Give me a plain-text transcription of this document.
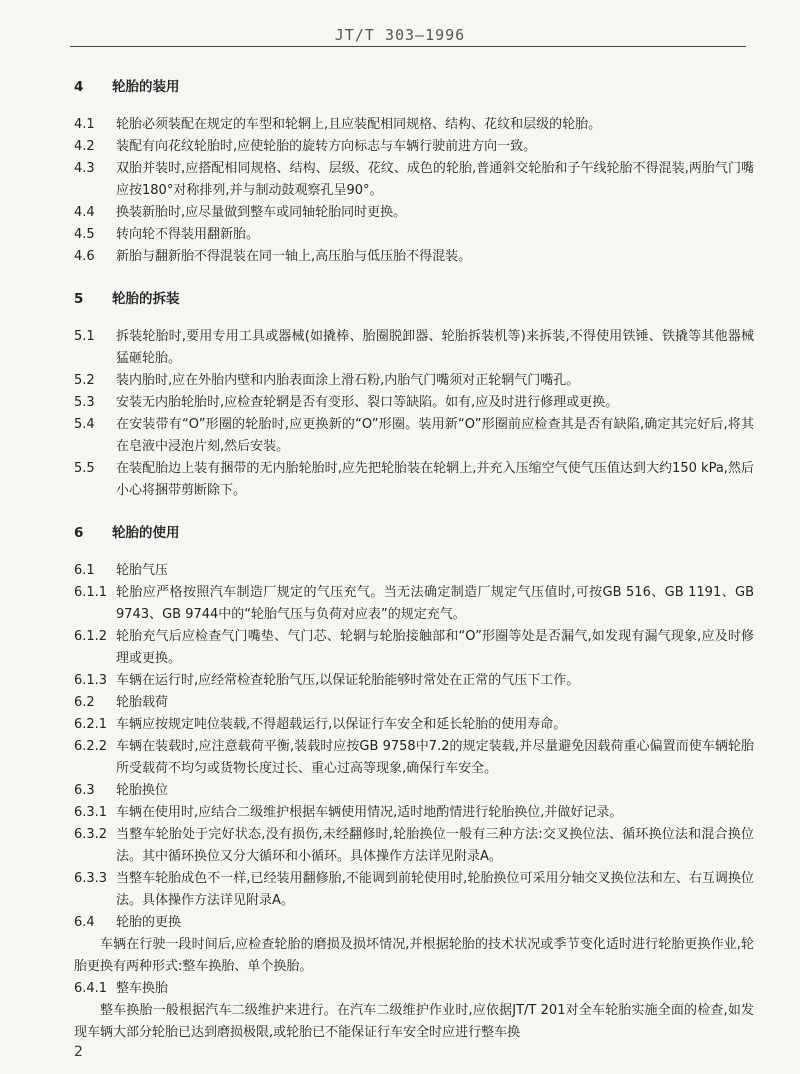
JT/T 303—1996
4 轮胎的装用
4.1	轮胎必须装配在规定的车型和轮辋上,且应装配相同规格、结构、花纹和层级的轮胎。
4.2	装配有向花纹轮胎时,应使轮胎的旋转方向标志与车辆行驶前进方向一致。
4.3	双胎并装时,应搭配相同规格、结构、层级、花纹、成色的轮胎,普通斜交轮胎和子午线轮胎不得混装,两胎气门嘴应按180°对称排列,并与制动鼓观察孔呈90°。
4.4	换装新胎时,应尽量做到整车或同轴轮胎同时更换。
4.5	转向轮不得装用翻新胎。
4.6	新胎与翻新胎不得混装在同一轴上,高压胎与低压胎不得混装。
5 轮胎的拆装
5.1	拆装轮胎时,要用专用工具或器械(如撬棒、胎圈脱卸器、轮胎拆装机等)来拆装,不得使用铁锤、铁撬等其他器械猛砸轮胎。
5.2	装内胎时,应在外胎内壁和内胎表面涂上滑石粉,内胎气门嘴须对正轮辋气门嘴孔。
5.3	安装无内胎轮胎时,应检查轮辋是否有变形、裂口等缺陷。如有,应及时进行修理或更换。
5.4	在安装带有“O”形圈的轮胎时,应更换新的“O”形圈。装用新“O”形圈前应检查其是否有缺陷,确定其完好后,将其在皂液中浸泡片刻,然后安装。
5.5	在装配胎边上装有捆带的无内胎轮胎时,应先把轮胎装在轮辋上,并充入压缩空气使气压值达到大约150 kPa,然后小心将捆带剪断除下。
6 轮胎的使用
6.1	轮胎气压
6.1.1 轮胎应严格按照汽车制造厂规定的气压充气。当无法确定制造厂规定气压值时,可按GB 516、GB 1191、GB 9743、GB 9744中的“轮胎气压与负荷对应表”的规定充气。
6.1.2 轮胎充气后应检查气门嘴垫、气门芯、轮辋与轮胎接触部和“O”形圈等处是否漏气,如发现有漏气现象,应及时修理或更换。
6.1.3 车辆在运行时,应经常检查轮胎气压,以保证轮胎能够时常处在正常的气压下工作。
6.2	轮胎载荷
6.2.1 车辆应按规定吨位装载,不得超载运行,以保证行车安全和延长轮胎的使用寿命。
6.2.2 车辆在装载时,应注意载荷平衡,装载时应按GB 9758中7.2的规定装载,并尽量避免因载荷重心偏置而使车辆轮胎所受载荷不均匀或货物长度过长、重心过高等现象,确保行车安全。
6.3	轮胎换位
6.3.1 车辆在使用时,应结合二级维护根据车辆使用情况,适时地酌情进行轮胎换位,并做好记录。
6.3.2 当整车轮胎处于完好状态,没有损伤,未经翻修时,轮胎换位一般有三种方法:交叉换位法、循环换位法和混合换位法。其中循环换位又分大循环和小循环。具体操作方法详见附录A。
6.3.3 当整车轮胎成色不一样,已经装用翻修胎,不能调到前轮使用时,轮胎换位可采用分轴交叉换位法和左、右互调换位法。具体操作方法详见附录A。
6.4	轮胎的更换

车辆在行驶一段时间后,应检查轮胎的磨损及损坏情况,并根据轮胎的技术状况或季节变化适时进行轮胎更换作业,轮胎更换有两种形式:整车换胎、单个换胎。

6.4.1 整车换胎

整车换胎一般根据汽车二级维护来进行。在汽车二级维护作业时,应依据JT/T 201对全车轮胎实施全面的检查,如发现车辆大部分轮胎已达到磨损极限,或轮胎已不能保证行车安全时应进行整车换

2
